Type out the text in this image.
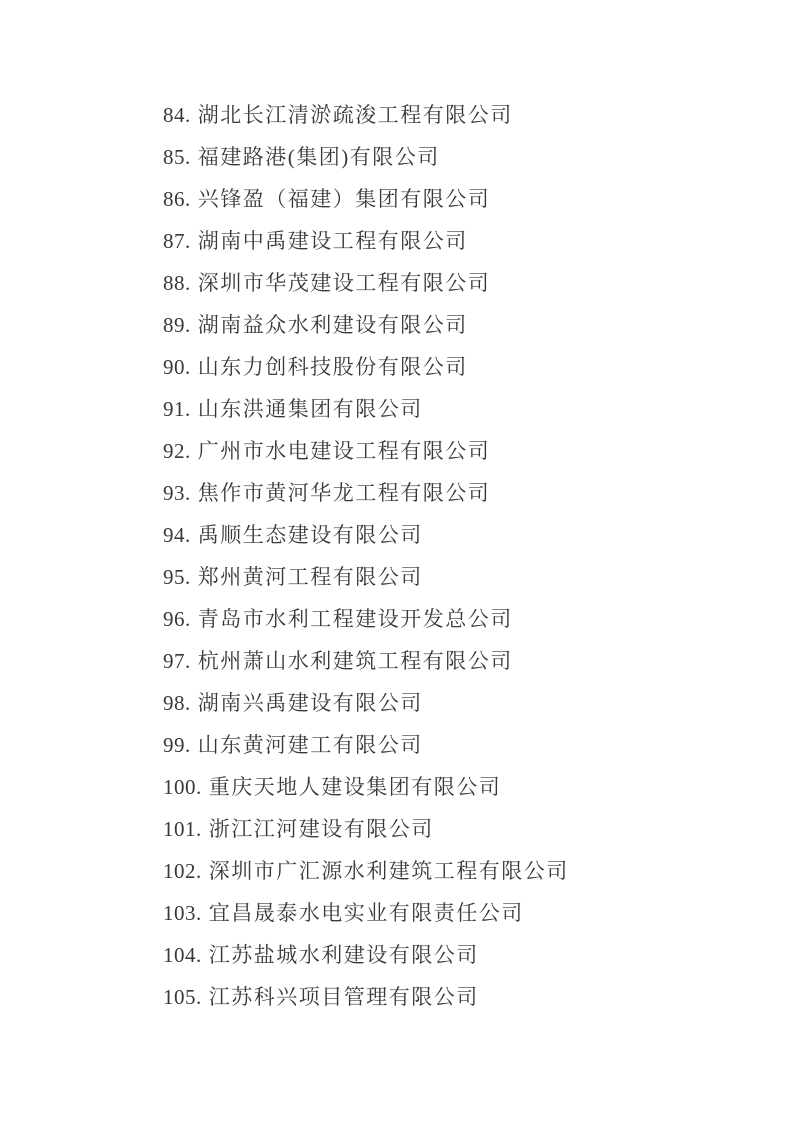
84. 湖北长江清淤疏浚工程有限公司
85. 福建路港(集团)有限公司
86. 兴锋盈（福建）集团有限公司
87. 湖南中禹建设工程有限公司
88. 深圳市华茂建设工程有限公司
89. 湖南益众水利建设有限公司
90. 山东力创科技股份有限公司
91. 山东洪通集团有限公司
92. 广州市水电建设工程有限公司
93. 焦作市黄河华龙工程有限公司
94. 禹顺生态建设有限公司
95. 郑州黄河工程有限公司
96. 青岛市水利工程建设开发总公司
97. 杭州萧山水利建筑工程有限公司
98. 湖南兴禹建设有限公司
99. 山东黄河建工有限公司
100. 重庆天地人建设集团有限公司
101. 浙江江河建设有限公司
102. 深圳市广汇源水利建筑工程有限公司
103. 宜昌晟泰水电实业有限责任公司
104. 江苏盐城水利建设有限公司
105. 江苏科兴项目管理有限公司
